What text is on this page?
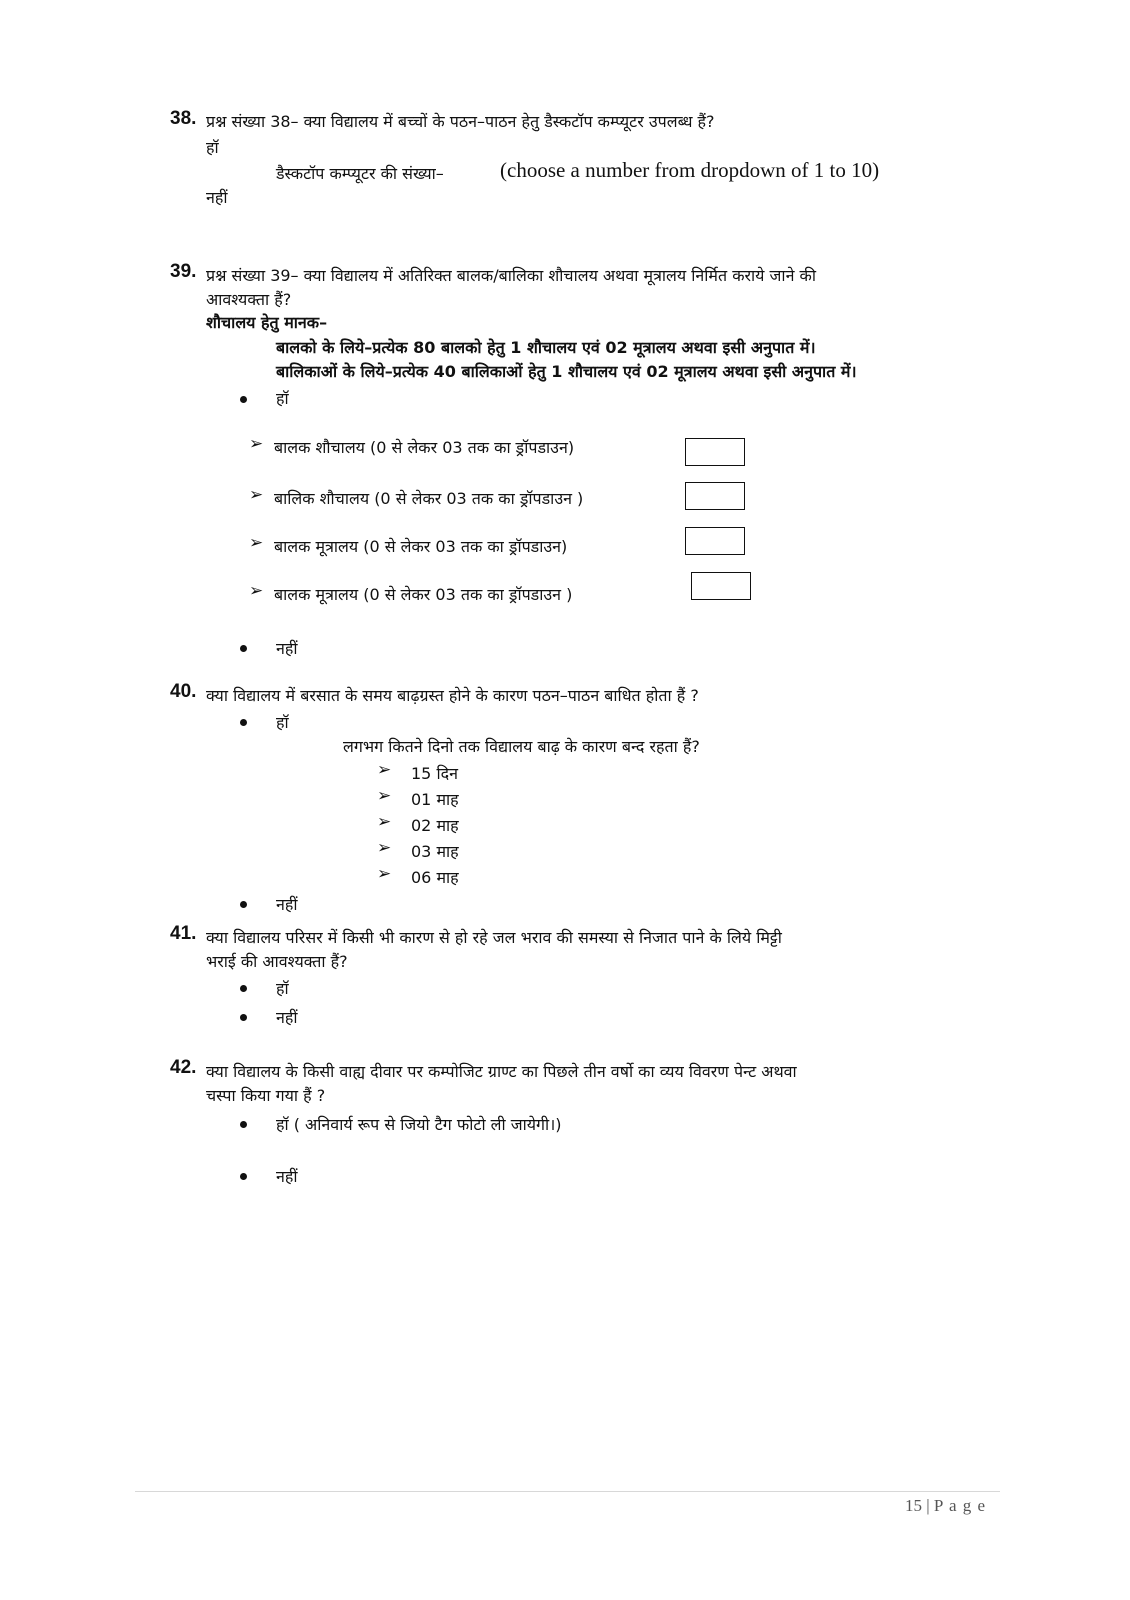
38. प्रश्न संख्या 38– क्या विद्यालय में बच्चों के पठन–पाठन हेतु डैस्कटॉप कम्प्यूटर उपलब्ध हैं?
हॉ
डैस्कटॉप कम्प्यूटर की संख्या–	(choose a number from dropdown of 1 to 10)
नहीं
39. प्रश्न संख्या 39– क्या विद्यालय में अतिरिक्त बालक/बालिका शौचालय अथवा मूत्रालय निर्मित कराये जाने की
आवश्यक्ता हैं?
शौचालय हेतु मानक–
बालको के लिये–प्रत्येक 80 बालको हेतु 1 शौचालय एवं 02 मूत्रालय अथवा इसी अनुपात में।
बालिकाओं के लिये–प्रत्येक 40 बालिकाओं हेतु 1 शौचालय एवं 02 मूत्रालय अथवा इसी अनुपात में।
हॉ
➢ बालक शौचालय (0 से लेकर 03 तक का ड्रॉपडाउन)
➢ बालिक शौचालय (0 से लेकर 03 तक का ड्रॉपडाउन )
➢ बालक मूत्रालय (0 से लेकर 03 तक का ड्रॉपडाउन)
➢ बालक मूत्रालय (0 से लेकर 03 तक का ड्रॉपडाउन )
नहीं
40. क्या विद्यालय में बरसात के समय बाढ़ग्रस्त होने के कारण पठन–पाठन बाधित होता हैं ?
हॉ
लगभग कितने दिनो तक विद्यालय बाढ़ के कारण बन्द रहता हैं?
➢ 15 दिन
➢ 01 माह
➢ 02 माह
➢ 03 माह
➢ 06 माह
नहीं
41. क्या विद्यालय परिसर में किसी भी कारण से हो रहे जल भराव की समस्या से निजात पाने के लिये मिट्टी
भराई की आवश्यक्ता हैं?
हॉ
नहीं
42. क्या विद्यालय के किसी वाह्य दीवार पर कम्पोजिट ग्राण्ट का पिछले तीन वर्षो का व्यय विवरण पेन्ट अथवा
चस्पा किया गया हैं ?
हॉ ( अनिवार्य रूप से जियो टैग फोटो ली जायेगी।)
नहीं
15 | P a g e
